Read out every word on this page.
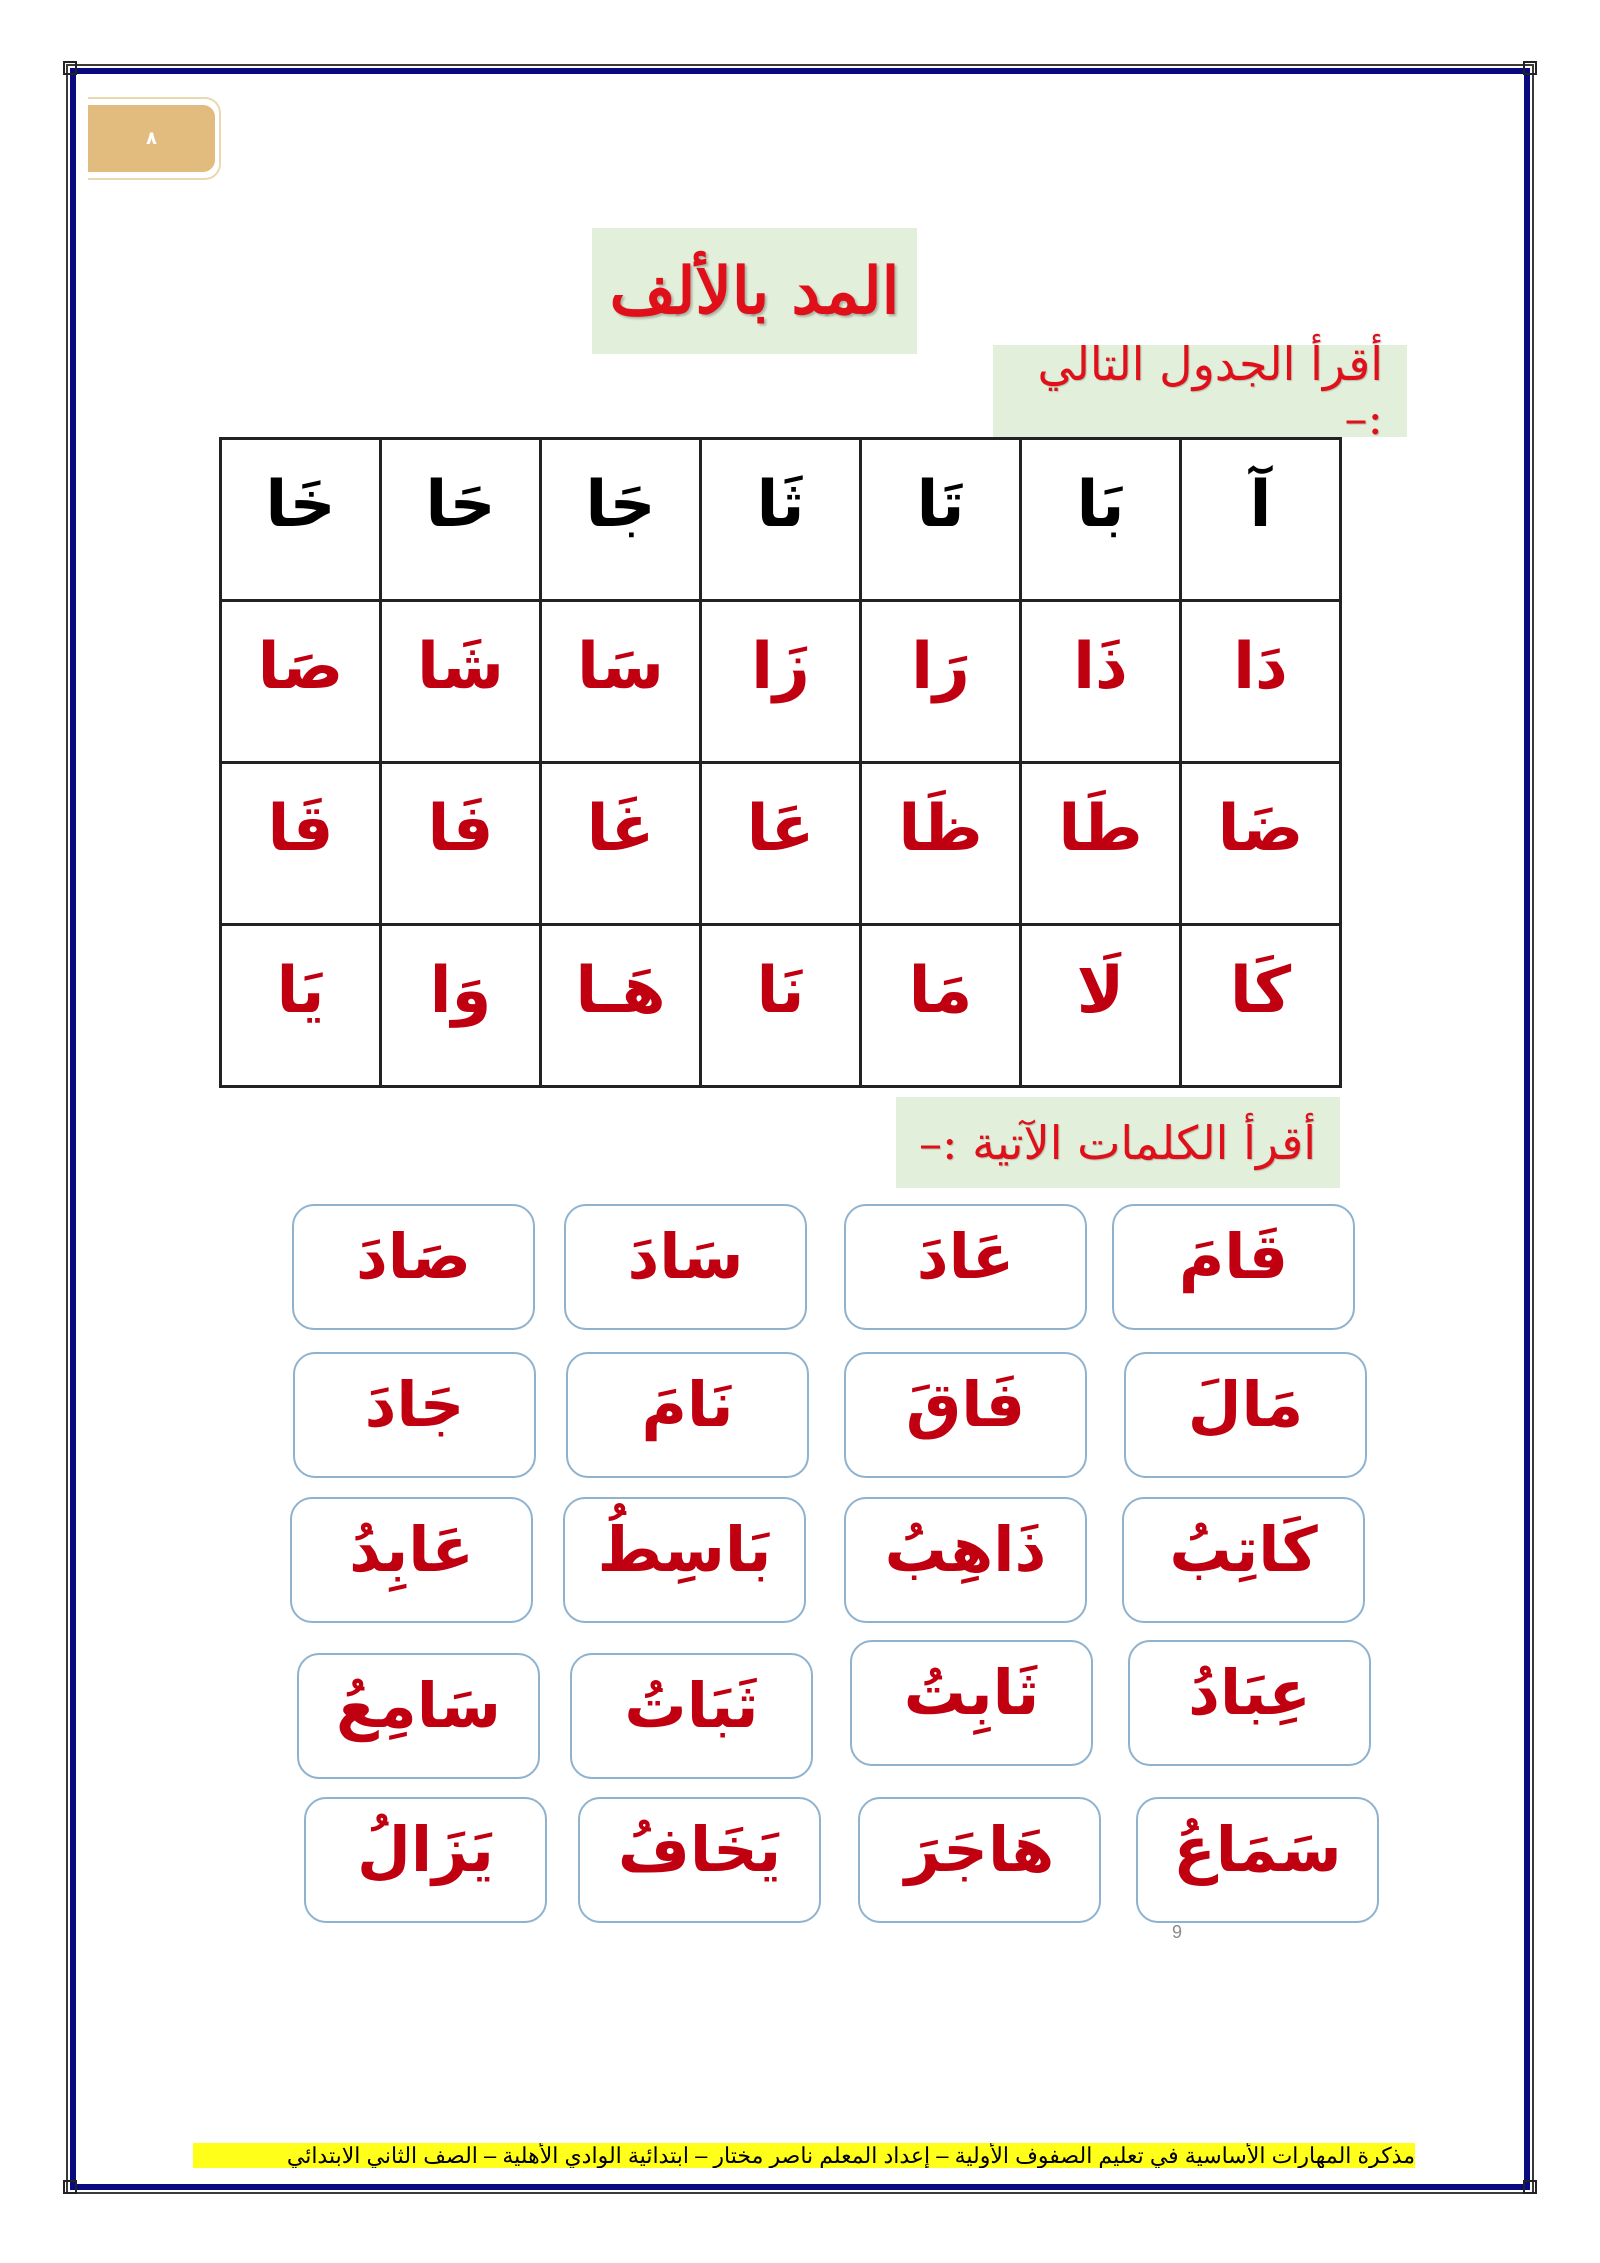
٨
المد بالألف
أقرأ الجدول التالي :–
آ	بَا	تَا	ثَا	جَا	حَا	خَا
دَا	ذَا	رَا	زَا	سَا	شَا	صَا
ضَا	طَا	ظَا	عَا	غَا	فَا	قَا
كَا	لَا	مَا	نَا	هَـا	وَا	يَا
أقرأ الكلمات الآتية :–
قَامَ
عَادَ
سَادَ
صَادَ
مَالَ
فَاقَ
نَامَ
جَادَ
كَاتِبُ
ذَاهِبُ
بَاسِطُ
عَابِدُ
عِبَادُ
ثَابِتُ
ثَبَاتُ
سَامِعُ
سَمَاعُ
هَاجَرَ
يَخَافُ
يَزَالُ
9
مذكرة المهارات الأساسية في تعليم الصفوف الأولية – إعداد المعلم ناصر مختار – ابتدائية الوادي الأهلية – الصف الثاني الابتدائي
